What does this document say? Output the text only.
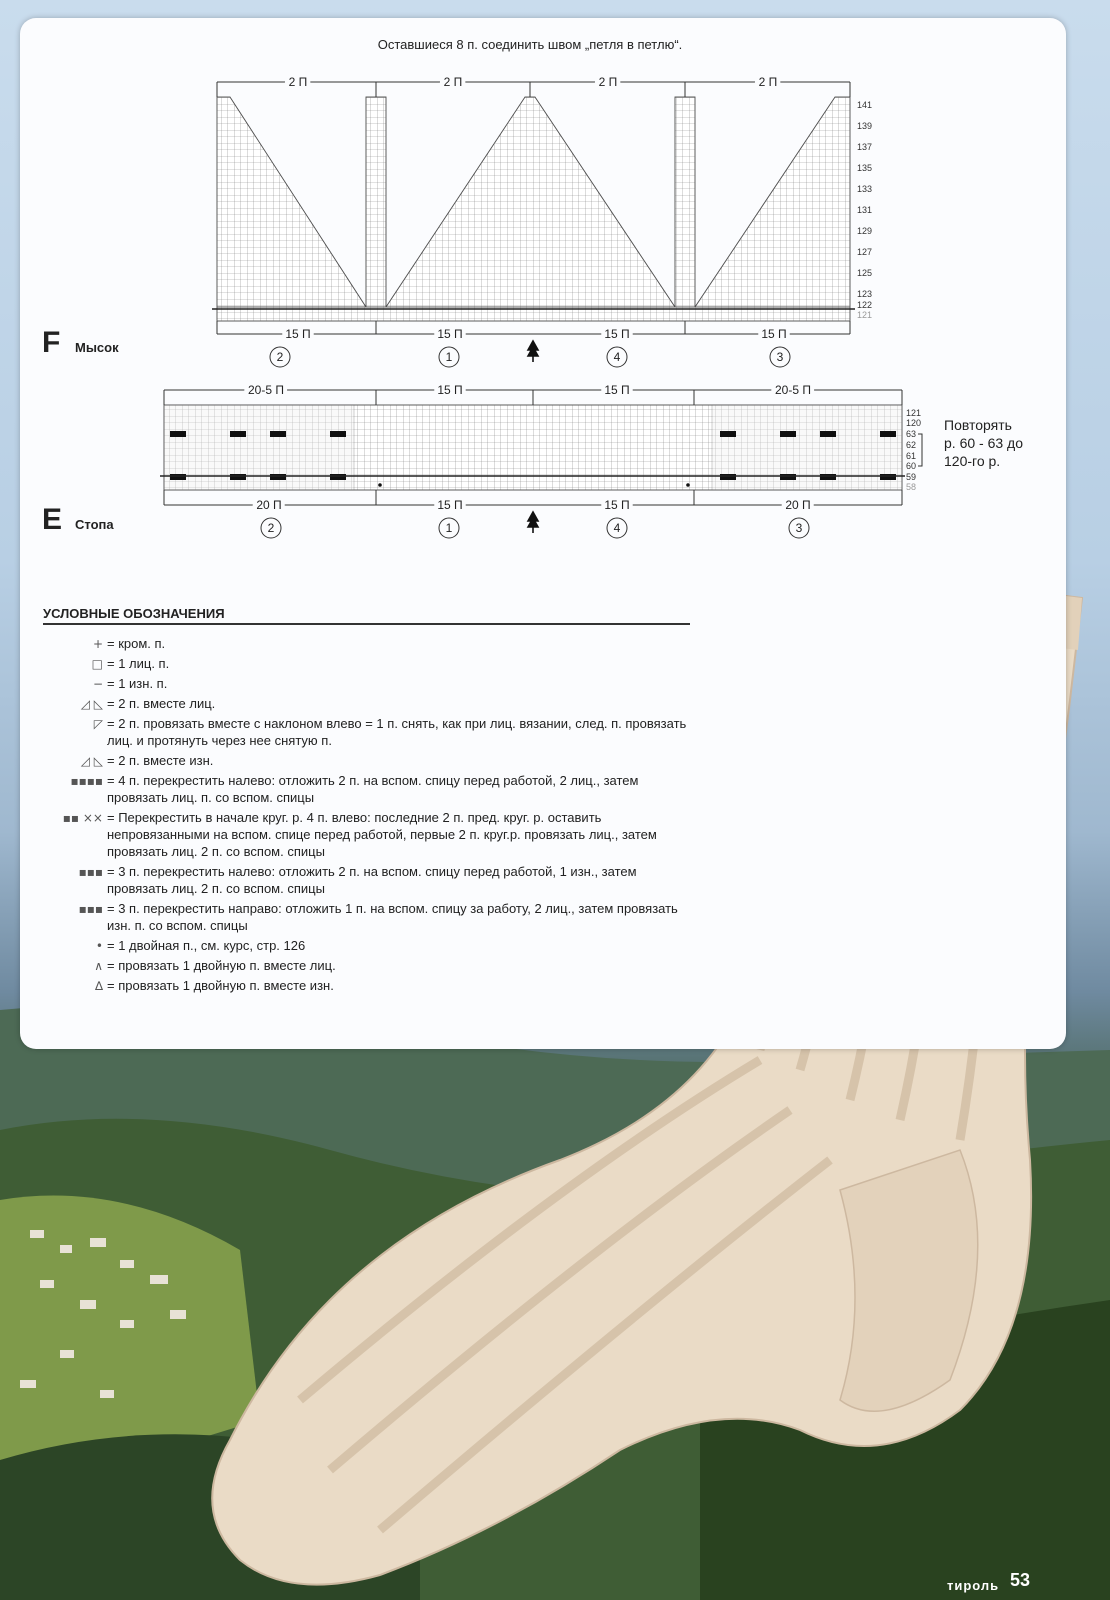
Оставшиеся 8 п. соединить швом „петля в петлю“.
F Мысок
E Стопа
2 П	2 П	2 П	2 П
15 П	15 П	15 П	15 П
2	1	4	3
141
139
137
135
133
131
129
127
125
123
122
121
20-5 П	15 П	15 П	20-5 П
20 П	15 П	15 П	20 П
2	1	4	3
121
120
63
62
61
60
59
58
Повторять
р. 60 - 63 до
120-го р.
УСЛОВНЫЕ ОБОЗНАЧЕНИЯ
+ = кром. п.
□ = 1 лиц. п.
− = 1 изн. п.
◿ ◺ = 2 п. вместе лиц.
◸ = 2 п. провязать вместе с наклоном влево = 1 п. снять, как при лиц. вязании, след. п. провязать лиц. и протянуть через нее снятую п.
◿ ◺ = 2 п. вместе изн.
▪▪▪▪ = 4 п. перекрестить налево: отложить 2 п. на вспом. спицу перед работой, 2 лиц., затем провязать лиц. п. со вспом. спицы
▪▪ ×× = Перекрестить в начале круг. р. 4 п. влево: последние 2 п. пред. круг. р. оставить непровязанными на вспом. спице перед работой, первые 2 п. круг.р. провязать лиц., затем провязать лиц. 2 п. со вспом. спицы
▪▪▪ = 3 п. перекрестить налево: отложить 2 п. на вспом. спицу перед работой, 1 изн., затем провязать лиц. 2 п. со вспом. спицы
▪▪▪ = 3 п. перекрестить направо: отложить 1 п. на вспом. спицу за работу, 2 лиц., затем провязать изн. п. со вспом. спицы
• = 1 двойная п., см. курс, стр. 126
∧ = провязать 1 двойную п. вместе лиц.
∆ = провязать 1 двойную п. вместе изн.
тироль 53
